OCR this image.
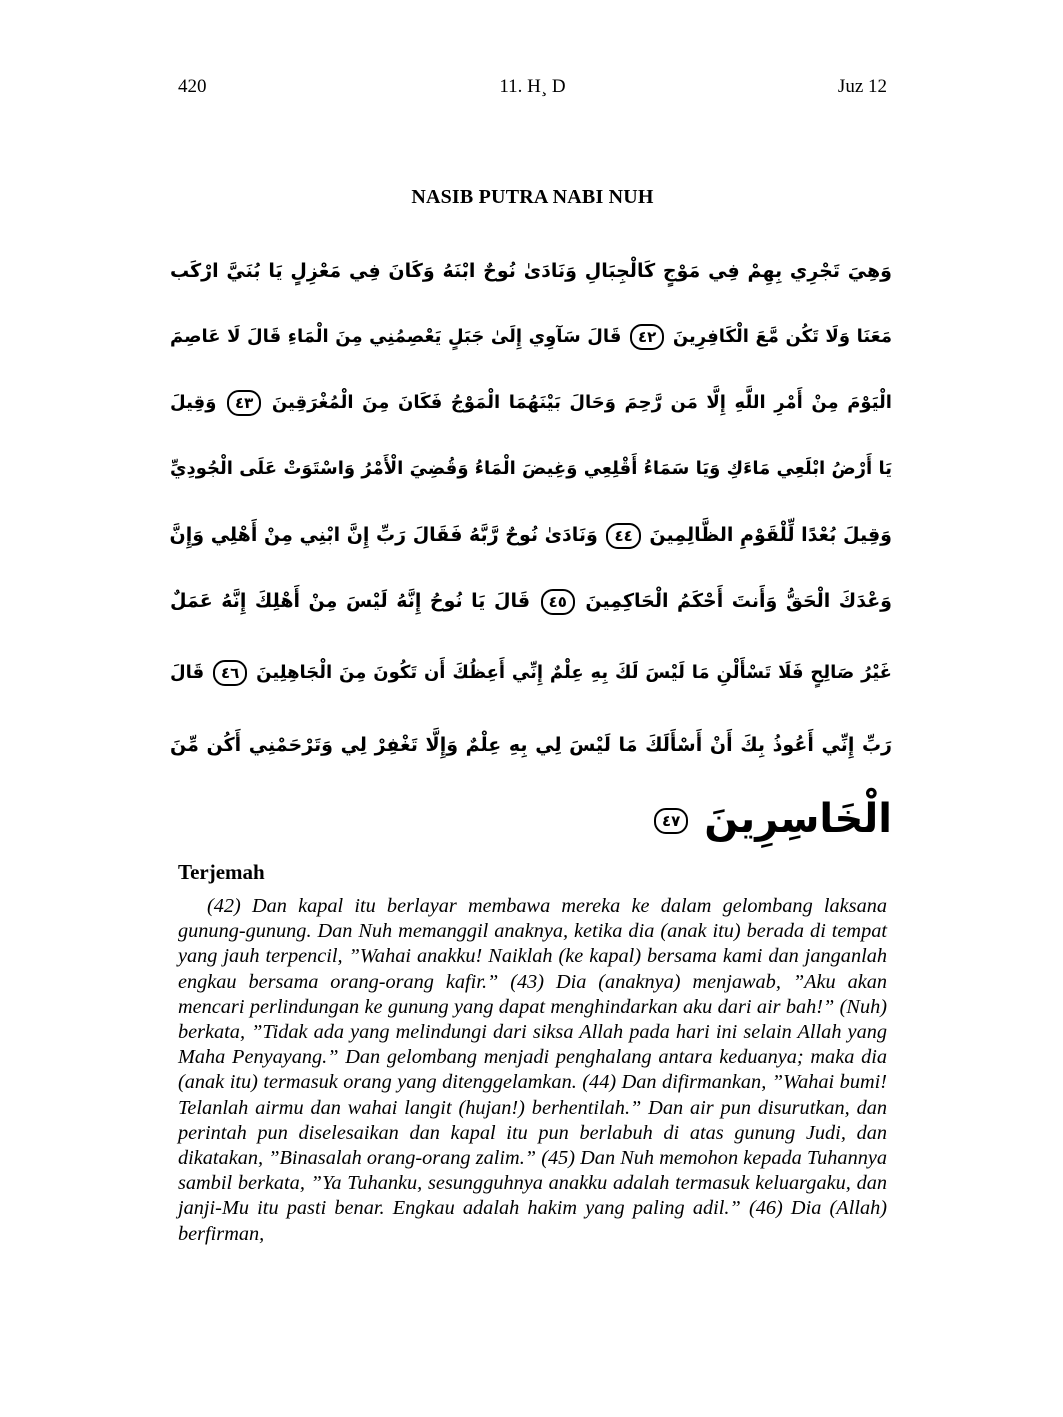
420	11. H¸ D	Juz 12
NASIB PUTRA NABI NUH
وَهِيَ تَجْرِي بِهِمْ فِي مَوْجٍ كَالْجِبَالِ وَنَادَىٰ نُوحٌ ابْنَهُ وَكَانَ فِي مَعْزِلٍ يَا بُنَيَّ ارْكَب
مَعَنَا وَلَا تَكُن مَّعَ الْكَافِرِينَ ٤٢ قَالَ سَآوِي إِلَىٰ جَبَلٍ يَعْصِمُنِي مِنَ الْمَاءِ قَالَ لَا عَاصِمَ
الْيَوْمَ مِنْ أَمْرِ اللَّهِ إِلَّا مَن رَّحِمَ وَحَالَ بَيْنَهُمَا الْمَوْجُ فَكَانَ مِنَ الْمُغْرَقِينَ ٤٣ وَقِيلَ
يَا أَرْضُ ابْلَعِي مَاءَكِ وَيَا سَمَاءُ أَقْلِعِي وَغِيضَ الْمَاءُ وَقُضِيَ الْأَمْرُ وَاسْتَوَتْ عَلَى الْجُودِيِّ
وَقِيلَ بُعْدًا لِّلْقَوْمِ الظَّالِمِينَ ٤٤ وَنَادَىٰ نُوحٌ رَّبَّهُ فَقَالَ رَبِّ إِنَّ ابْنِي مِنْ أَهْلِي وَإِنَّ
وَعْدَكَ الْحَقُّ وَأَنتَ أَحْكَمُ الْحَاكِمِينَ ٤٥ قَالَ يَا نُوحُ إِنَّهُ لَيْسَ مِنْ أَهْلِكَ إِنَّهُ عَمَلٌ
غَيْرُ صَالِحٍ فَلَا تَسْأَلْنِ مَا لَيْسَ لَكَ بِهِ عِلْمٌ إِنِّي أَعِظُكَ أَن تَكُونَ مِنَ الْجَاهِلِينَ ٤٦ قَالَ
رَبِّ إِنِّي أَعُوذُ بِكَ أَنْ أَسْأَلَكَ مَا لَيْسَ لِي بِهِ عِلْمٌ وَإِلَّا تَغْفِرْ لِي وَتَرْحَمْنِي أَكُن مِّنَ
الْخَاسِرِينَ ٤٧
Terjemah

(42) Dan kapal itu berlayar membawa mereka ke dalam gelombang laksana gunung-gunung. Dan Nuh memanggil anaknya, ketika dia (anak itu) berada di tempat yang jauh terpencil, ”Wahai anakku! Naiklah (ke kapal) bersama kami dan janganlah engkau bersama orang-orang kafir.” (43) Dia (anaknya) menjawab, ”Aku akan mencari perlindungan ke gunung yang dapat menghindarkan aku dari air bah!” (Nuh) berkata, ”Tidak ada yang melindungi dari siksa Allah pada hari ini selain Allah yang Maha Penyayang.” Dan gelombang menjadi penghalang antara keduanya; maka dia (anak itu) termasuk orang yang ditenggelamkan. (44) Dan difirmankan, ”Wahai bumi! Telanlah airmu dan wahai langit (hujan!) berhentilah.” Dan air pun disurutkan, dan perintah pun diselesaikan dan kapal itu pun berlabuh di atas gunung Judi, dan dikatakan, ”Binasalah orang-orang zalim.” (45) Dan Nuh memohon kepada Tuhannya sambil berkata, ”Ya Tuhanku, sesungguhnya anakku adalah termasuk keluargaku, dan janji-Mu itu pasti benar. Engkau adalah hakim yang paling adil.” (46) Dia (Allah) berfirman,
